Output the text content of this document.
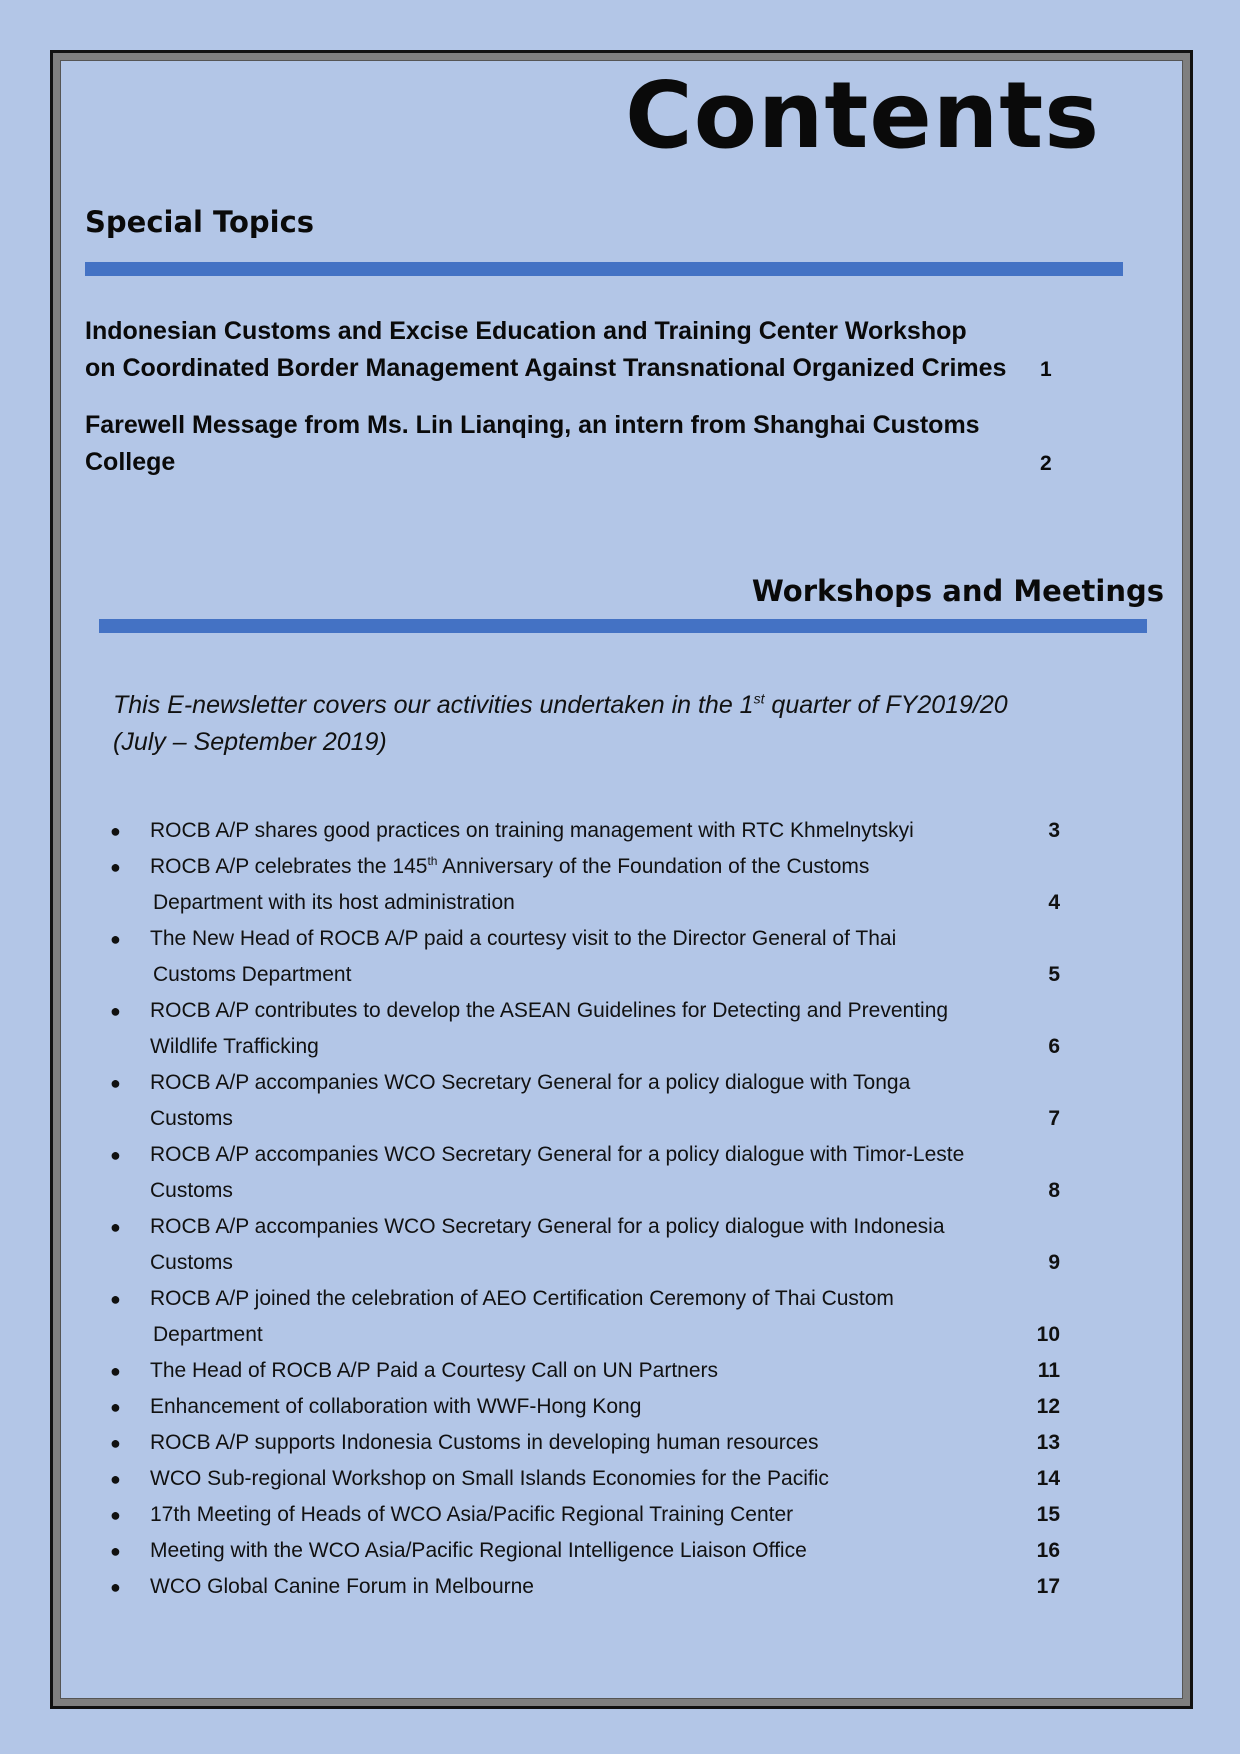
Contents
Special Topics
Indonesian Customs and Excise Education and Training Center Workshop
on Coordinated Border Management Against Transnational Organized Crimes	1
Farewell Message from Ms. Lin Lianqing, an intern from Shanghai Customs
College	2
Workshops and Meetings
This E-newsletter covers our activities undertaken in the 1st quarter of FY2019/20
(July – September 2019)
●	ROCB A/P shares good practices on training management with RTC Khmelnytskyi	3
●	ROCB A/P celebrates the 145th Anniversary of the Foundation of the Customs
Department with its host administration	4
●	The New Head of ROCB A/P paid a courtesy visit to the Director General of Thai
Customs Department	5
●	ROCB A/P contributes to develop the ASEAN Guidelines for Detecting and Preventing
Wildlife Trafficking	6
●	ROCB A/P accompanies WCO Secretary General for a policy dialogue with Tonga
Customs	7
●	ROCB A/P accompanies WCO Secretary General for a policy dialogue with Timor-Leste
Customs	8
●	ROCB A/P accompanies WCO Secretary General for a policy dialogue with Indonesia
Customs	9
●	ROCB A/P joined the celebration of AEO Certification Ceremony of Thai Custom
Department	10
●	The Head of ROCB A/P Paid a Courtesy Call on UN Partners	11
●	Enhancement of collaboration with WWF-Hong Kong	12
●	ROCB A/P supports Indonesia Customs in developing human resources	13
●	WCO Sub-regional Workshop on Small Islands Economies for the Pacific	14
●	17th Meeting of Heads of WCO Asia/Pacific Regional Training Center	15
●	Meeting with the WCO Asia/Pacific Regional Intelligence Liaison Office	16
●	WCO Global Canine Forum in Melbourne	17
